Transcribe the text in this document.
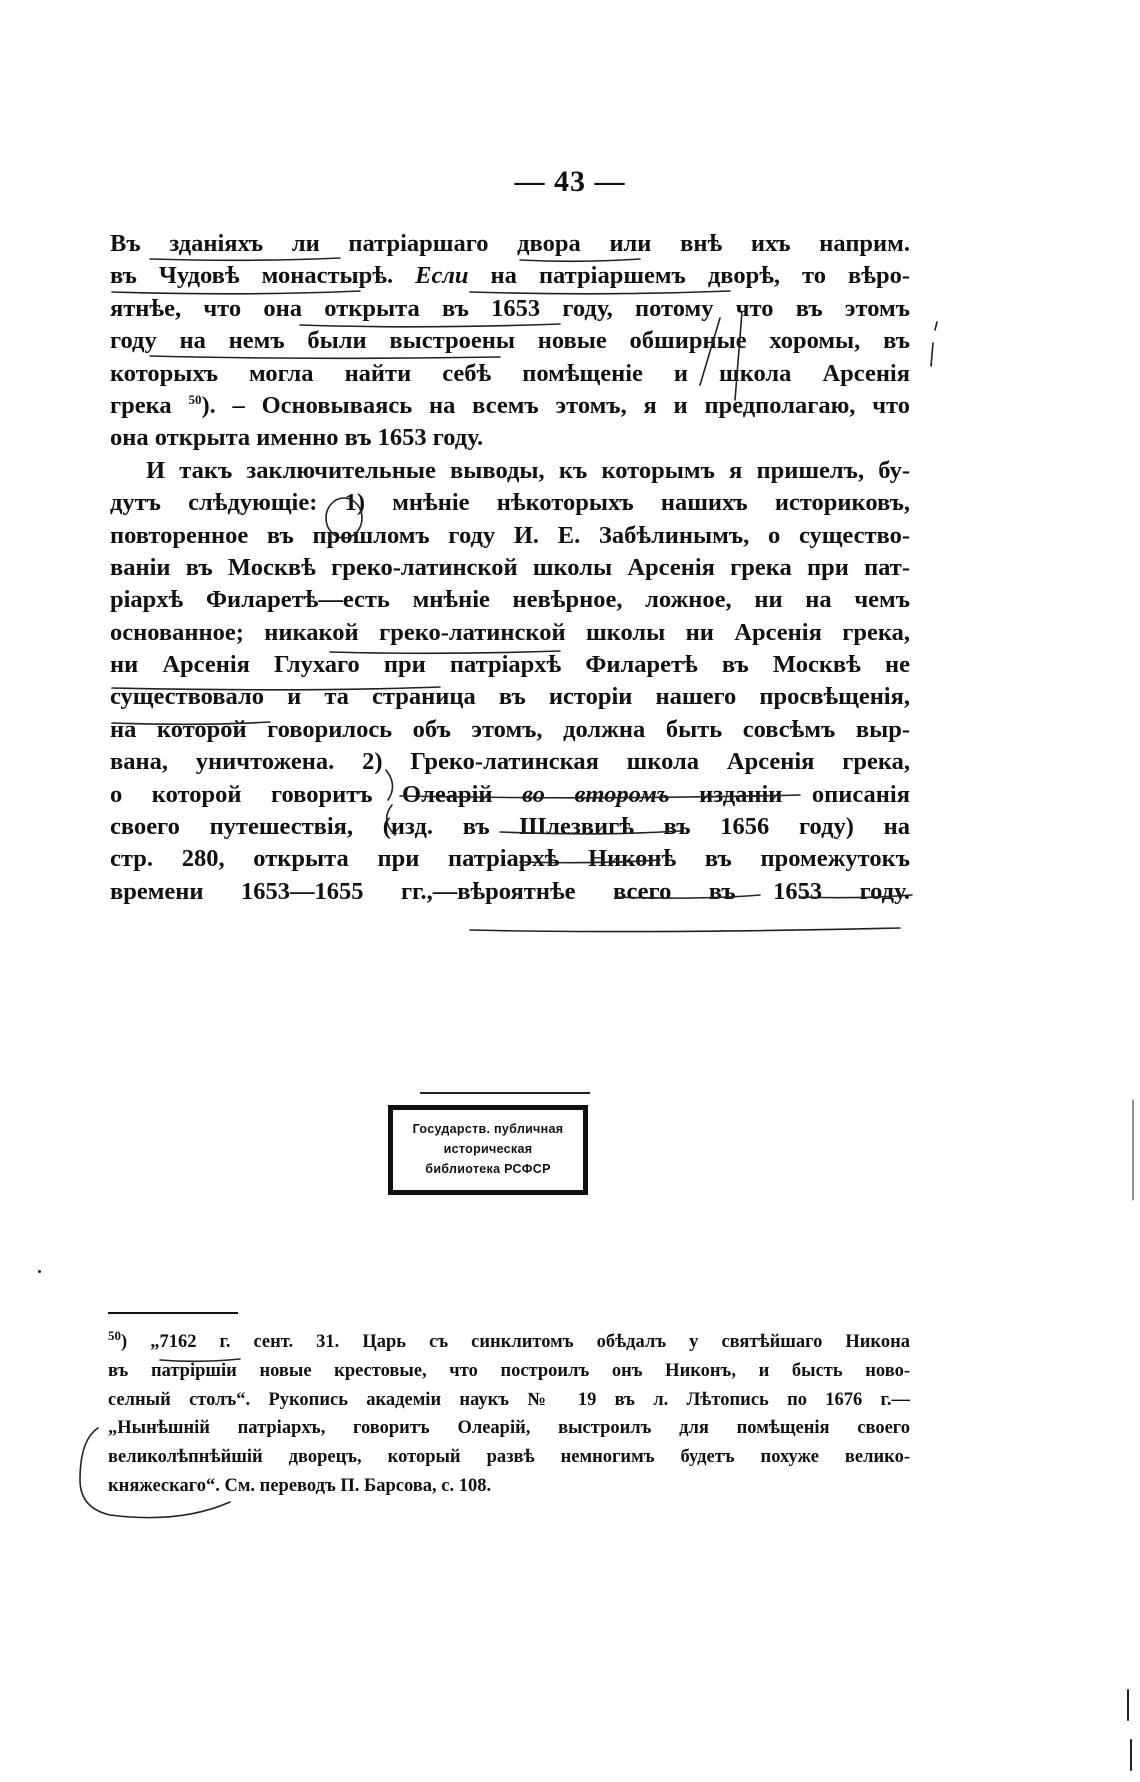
— 43 —
Въ зданіяхъ ли патріаршаго двора или внѣ ихъ наприм.
въ Чудовѣ монастырѣ. Если на патріаршемъ дворѣ, то вѣро-
ятнѣе, что она открыта въ 1653 году, потому что въ этомъ
году на немъ были выстроены новые обширные хоромы, въ
которыхъ могла найти себѣ помѣщеніе и школа Арсенія
грека $^{50}$). – Основываясь на всемъ этомъ, я и предполагаю, что
она открыта именно въ 1653 году.
И такъ заключительные выводы, къ которымъ я пришелъ, бу-
дутъ слѣдующіе: 1) мнѣніе нѣкоторыхъ нашихъ историковъ,
повторенное въ прошломъ году И. Е. Забѣлинымъ, о существо-
ваніи въ Москвѣ греко-латинской школы Арсенія грека при пат-
ріархѣ Филаретѣ—есть мнѣніе невѣрное, ложное, ни на чемъ
основанное; никакой греко-латинской школы ни Арсенія грека,
ни Арсенія Глухаго при патріархѣ Филаретѣ въ Москвѣ не
существовало и та страница въ исторіи нашего просвѣщенія,
на которой говорилось объ этомъ, должна быть совсѣмъ выр-
вана, уничтожена. 2) Греко-латинская школа Арсенія грека,
о которой говоритъ Олеарій во второмъ изданіи описанія
своего путешествія, (изд. въ Шлезвигѣ въ 1656 году) на
стр. 280, открыта при патріархѣ Никонѣ въ промежутокъ
времени 1653—1655 гг.,—вѣроятнѣе всего въ 1653 году.
Государств. публичная
историческая
библиотека РСФСР
$^{50}$) „7162 г. сент. 31. Царь съ синклитомъ обѣдалъ у святѣйшаго Никона
въ патріршіи новые крестовые, что построилъ онъ Никонъ, и бысть ново-
селный столъ“. Рукопись академіи наукъ № 19 въ л. Лѣтопись по 1676 г.—
„Нынѣшній патріархъ, говоритъ Олеарій, выстроилъ для помѣщенія своего
великолѣпнѣйшій дворецъ, который развѣ немногимъ будетъ похуже велико-
княжескаго“. См. переводъ П. Барсова, с. 108.
